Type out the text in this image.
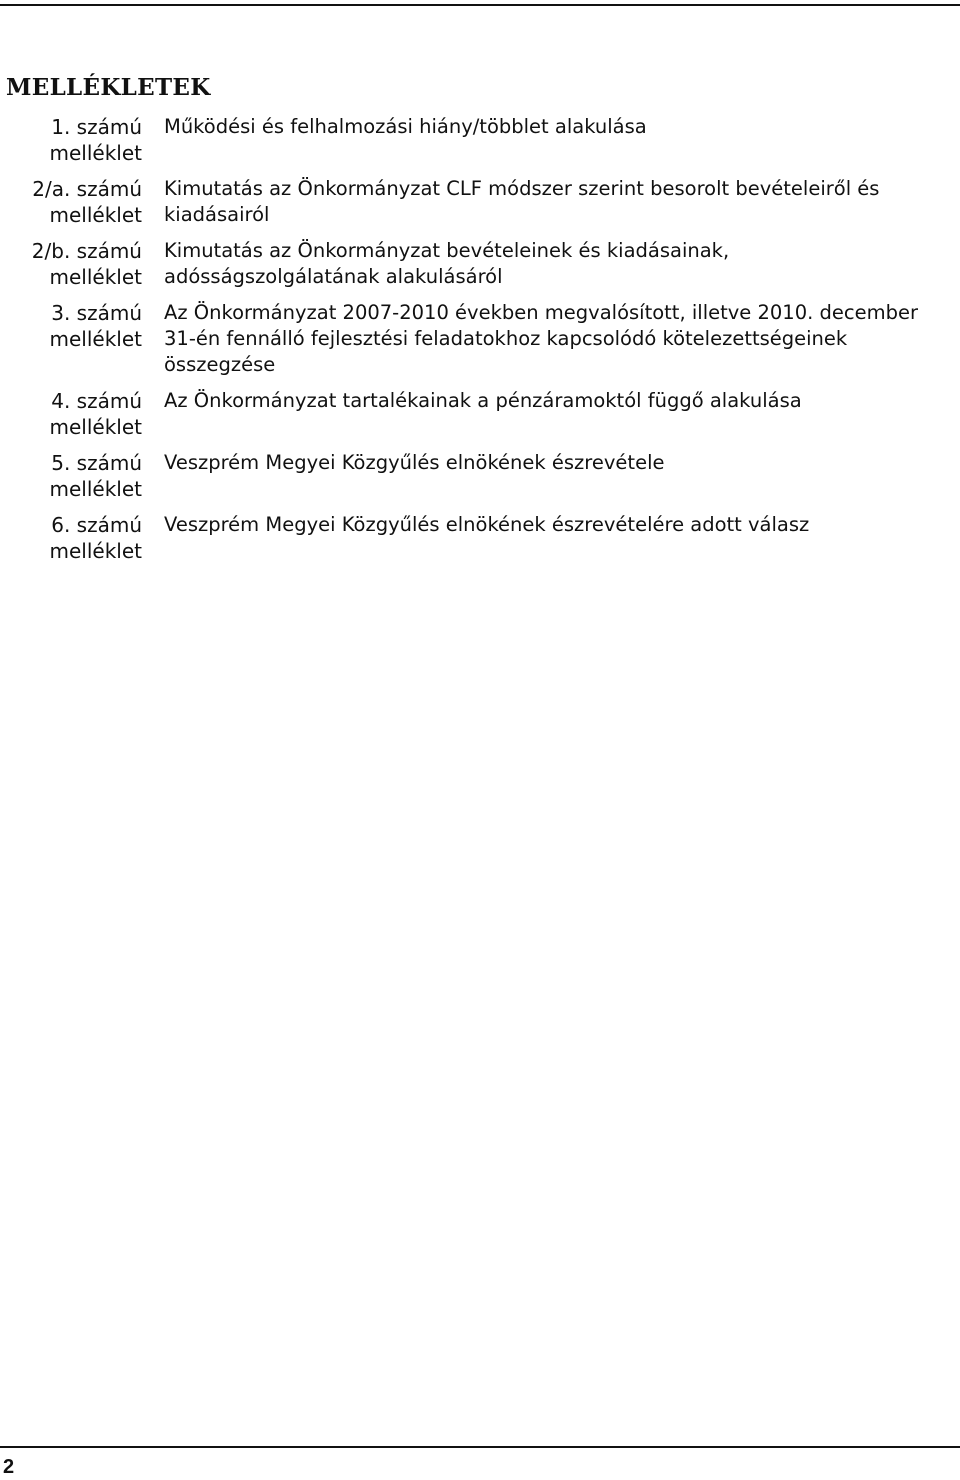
MELLÉKLETEK
1. számú
melléklet
Működési és felhalmozási hiány/többlet alakulása
2/a. számú
melléklet
Kimutatás az Önkormányzat CLF módszer szerint besorolt bevételeiről és kiadásairól
2/b. számú
melléklet
Kimutatás az Önkormányzat bevételeinek és kiadásainak, adósságszolgálatának alakulásáról
3. számú
melléklet
Az Önkormányzat 2007-2010 években megvalósított, illetve 2010. december 31-én fennálló fejlesztési feladatokhoz kapcsolódó kötelezettségeinek összegzése
4. számú
melléklet
Az Önkormányzat tartalékainak a pénzáramoktól függő alakulása
5. számú
melléklet
Veszprém Megyei Közgyűlés elnökének észrevétele
6. számú
melléklet
Veszprém Megyei Közgyűlés elnökének észrevételére adott válasz
2
